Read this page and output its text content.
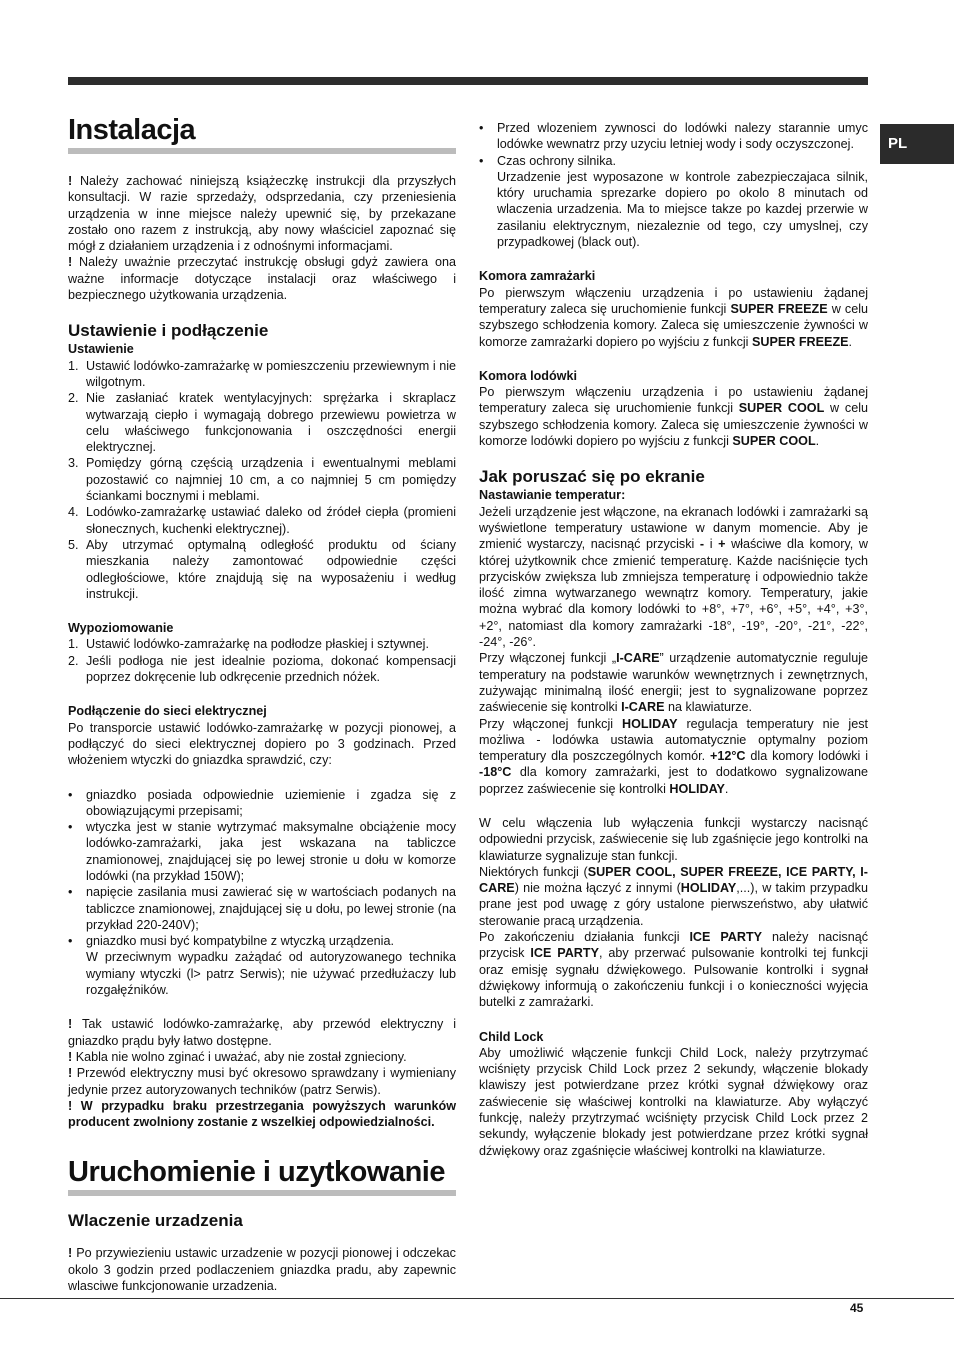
PL
Instalacja

! Należy zachować niniejszą książeczkę instrukcji dla przyszłych konsultacji. W razie sprzedaży, odsprzedania, czy przeniesienia urządzenia w inne miejsce należy upewnić się, by przekazane zostało ono razem z instrukcją, aby nowy właściciel zapoznać się mógł z działaniem urządzenia i z odnośnymi informacjami.

! Należy uważnie przeczytać instrukcję obsługi gdyż zawiera ona ważne informacje dotyczące instalacji oraz właściwego i bezpiecznego użytkowania urządzenia.

Ustawienie i podłączenie
Ustawienie
1. Ustawić lodówko-zamrażarkę w pomieszczeniu przewiewnym i nie wilgotnym.
2. Nie zasłaniać kratek wentylacyjnych: sprężarka i skraplacz wytwarzają ciepło i wymagają dobrego przewiewu powietrza w celu właściwego funkcjonowania i oszczędności energii elektrycznej.
3. Pomiędzy górną częścią urządzenia i ewentualnymi meblami pozostawić co najmniej 10 cm, a co najmniej 5 cm pomiędzy ściankami bocznymi i meblami.
4. Lodówko-zamrażarkę ustawiać daleko od źródeł ciepła (promieni słonecznych, kuchenki elektrycznej).
5. Aby utrzymać optymalną odległość produktu od ściany mieszkania należy zamontować odpowiednie części odległościowe, które znajdują się na wyposażeniu i według instrukcji.
Wypoziomowanie
1. Ustawić lodówko-zamrażarkę na podłodze płaskiej i sztywnej.
2. Jeśli podłoga nie jest idealnie pozioma, dokonać kompensacji poprzez dokręcenie lub odkręcenie przednich nóżek.
Podłączenie do sieci elektrycznej

Po transporcie ustawić lodówko-zamrażarkę w pozycji pionowej, a podłączyć do sieci elektrycznej dopiero po 3 godzinach. Przed włożeniem wtyczki do gniazdka sprawdzić, czy:

• gniazdko posiada odpowiednie uziemienie i zgadza się z obowiązującymi przepisami;
• wtyczka jest w stanie wytrzymać maksymalne obciążenie mocy lodówko-zamrażarki, jaka jest wskazana na tabliczce znamionowej, znajdującej się po lewej stronie u dołu w komorze lodówki (na przykład 150W);
• napięcie zasilania musi zawierać się w wartościach podanych na tabliczce znamionowej, znajdującej się u dołu, po lewej stronie (na przykład 220-240V);
• gniazdko musi być kompatybilne z wtyczką urządzenia.
W przeciwnym wypadku zażądać od autoryzowanego technika wymiany wtyczki (l> patrz Serwis); nie używać przedłużaczy lub rozgałęźników.

! Tak ustawić lodówko-zamrażarkę, aby przewód elektryczny i gniazdko prądu były łatwo dostępne.

! Kabla nie wolno zginać i uważać, aby nie został zgnieciony.

! Przewód elektryczny musi być okresowo sprawdzany i wymieniany jedynie przez autoryzowanych techników (patrz Serwis).

! W przypadku braku przestrzegania powyższych warunków producent zwolniony zostanie z wszelkiej odpowiedzialności.

Uruchomienie i uzytkowanie
Wlaczenie urzadzenia

! Po przywiezieniu ustawic urzadzenie w pozycji pionowej i odczekac okolo 3 godzin przed podlaczeniem gniazdka pradu, aby zapewnic wlasciwe funkcjonowanie urzadzenia.

• Przed wlozeniem zywnosci do lodówki nalezy starannie umyc lodówke wewnatrz przy uzyciu letniej wody i sody oczyszczonej.
• Czas ochrony silnika.
Urzadzenie jest wyposazone w kontrole zabezpieczajaca silnik, który uruchamia sprezarke dopiero po okolo 8 minutach od wlaczenia urzadzenia. Ma to miejsce takze po kazdej przerwie w zasilaniu elektrycznym, niezaleznie od tego, czy umyslnej, czy przypadkowej (black out).
Komora zamrażarki

Po pierwszym włączeniu urządzenia i po ustawieniu żądanej temperatury zaleca się uruchomienie funkcji SUPER FREEZE w celu szybszego schłodzenia komory. Zaleca się umieszczenie żywności w komorze zamrażarki dopiero po wyjściu z funkcji SUPER FREEZE.

Komora lodówki

Po pierwszym włączeniu urządzenia i po ustawieniu żądanej temperatury zaleca się uruchomienie funkcji SUPER COOL w celu szybszego schłodzenia komory. Zaleca się umieszczenie żywności w komorze lodówki dopiero po wyjściu z funkcji SUPER COOL.

Jak poruszać się po ekranie
Nastawianie temperatur:

Jeżeli urządzenie jest włączone, na ekranach lodówki i zamrażarki są wyświetlone temperatury ustawione w danym momencie. Aby je zmienić wystarczy, nacisnąć przyciski - i + właściwe dla komory, w której użytkownik chce zmienić temperaturę. Każde naciśnięcie tych przycisków zwiększa lub zmniejsza temperaturę i odpowiednio także ilość zimna wytwarzanego wewnątrz komory. Temperatury, jakie można wybrać dla komory lodówki to +8°, +7°, +6°, +5°, +4°, +3°, +2°, natomiast dla komory zamrażarki -18°, -19°, -20°, -21°, -22°, -24°, -26°.

Przy włączonej funkcji „I-CARE” urządzenie automatycznie reguluje temperatury na podstawie warunków wewnętrznych i zewnętrznych, zużywając minimalną ilość energii; jest to sygnalizowane poprzez zaświecenie się kontrolki I-CARE na klawiaturze.

Przy włączonej funkcji HOLIDAY regulacja temperatury nie jest możliwa - lodówka ustawia automatycznie optymalny poziom temperatury dla poszczególnych komór. +12°C dla komory lodówki i -18°C dla komory zamrażarki, jest to dodatkowo sygnalizowane poprzez zaświecenie się kontrolki HOLIDAY.

W celu włączenia lub wyłączenia funkcji wystarczy nacisnąć odpowiedni przycisk, zaświecenie się lub zgaśnięcie jego kontrolki na klawiaturze sygnalizuje stan funkcji.

Niektórych funkcji (SUPER COOL, SUPER FREEZE, ICE PARTY, I-CARE) nie można łączyć z innymi (HOLIDAY,...), w takim przypadku prane jest pod uwagę z góry ustalone pierwszeństwo, aby ułatwić sterowanie pracą urządzenia.

Po zakończeniu działania funkcji ICE PARTY należy nacisnąć przycisk ICE PARTY, aby przerwać pulsowanie kontrolki tej funkcji oraz emisję sygnału dźwiękowego. Pulsowanie kontrolki i sygnał dźwiękowy informują o zakończeniu funkcji i o konieczności wyjęcia butelki z zamrażarki.

Child Lock

Aby umożliwić włączenie funkcji Child Lock, należy przytrzymać wciśnięty przycisk Child Lock przez 2 sekundy, włączenie blokady klawiszy jest potwierdzane przez krótki sygnał dźwiękowy oraz zaświecenie się właściwej kontrolki na klawiaturze. Aby wyłączyć funkcję, należy przytrzymać wciśnięty przycisk Child Lock przez 2 sekundy, wyłączenie blokady jest potwierdzane przez krótki sygnał dźwiękowy oraz zgaśnięcie właściwej kontrolki na klawiaturze.

45
